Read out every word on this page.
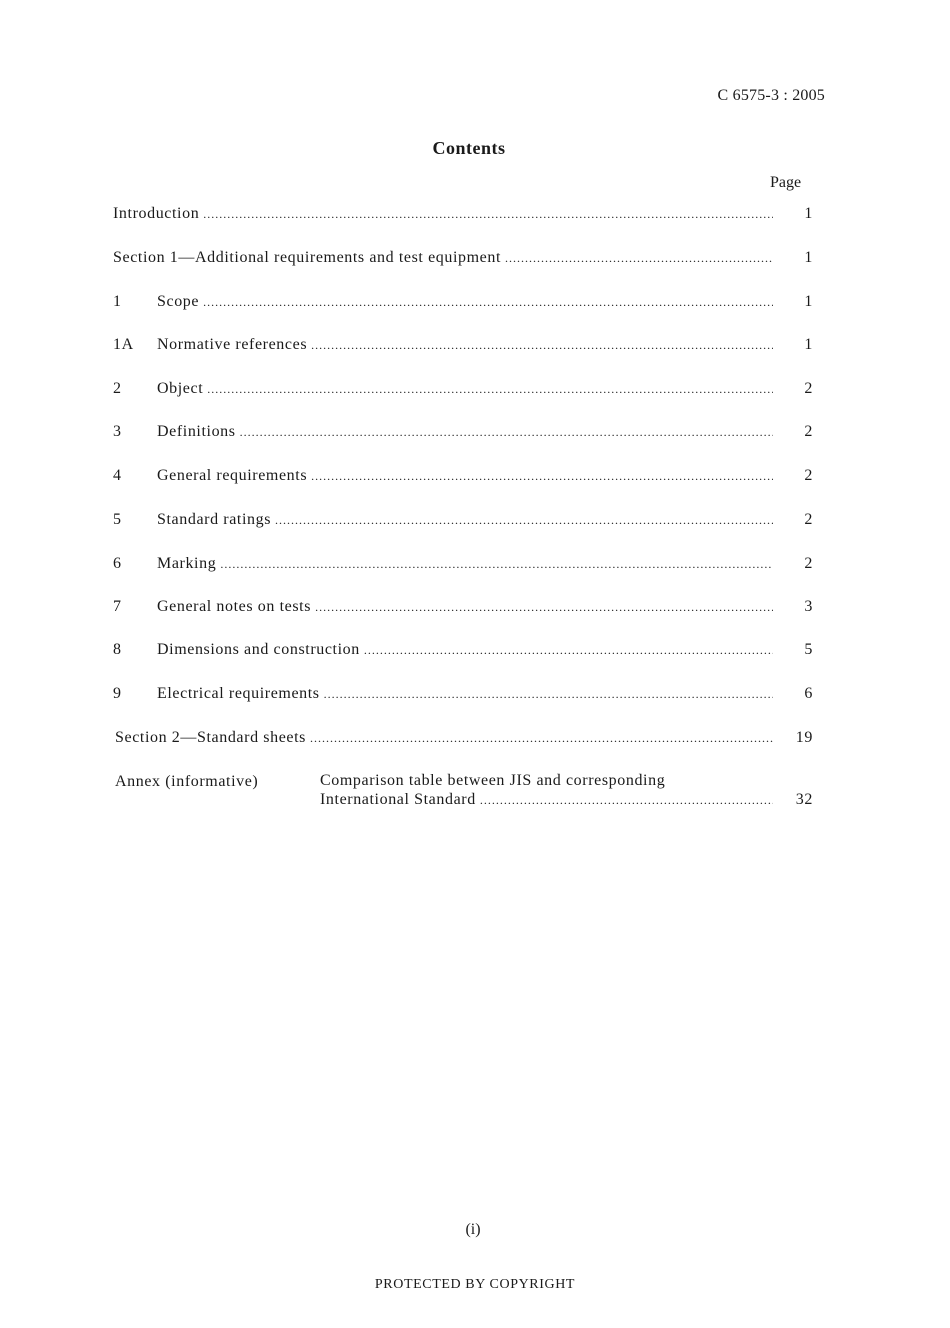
C 6575-3 : 2005
Contents
Page
Introduction .....	1
Section 1—Additional requirements and test equipment .....	1
1	Scope .....	1
1A	Normative references .....	1
2	Object .....	2
3	Definitions .....	2
4	General requirements .....	2
5	Standard ratings .....	2
6	Marking .....	2
7	General notes on tests .....	3
8	Dimensions and construction .....	5
9	Electrical requirements .....	6
Section 2—Standard sheets .....	19
Annex (informative)	Comparison table between JIS and corresponding
International Standard .....	32
(i)
PROTECTED BY COPYRIGHT
